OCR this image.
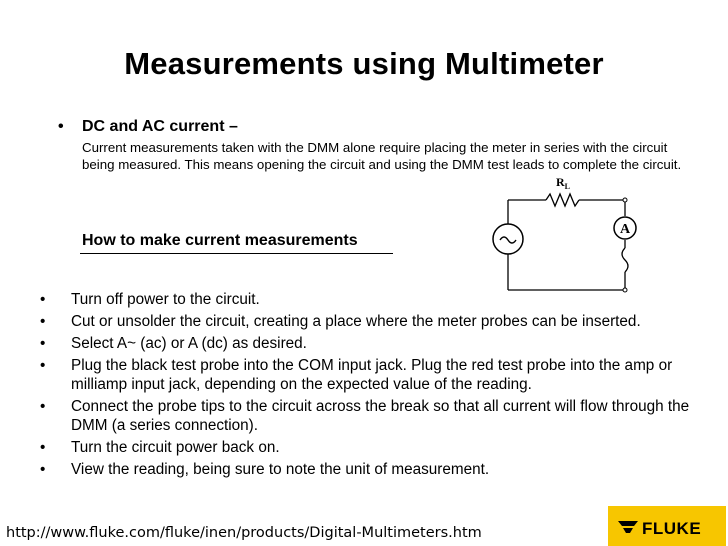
Measurements using Multimeter
• DC and AC current –
Current measurements taken with the DMM alone require placing the meter in series with the circuit being measured. This means opening the circuit and using the DMM test leads to complete the circuit.
How to make current measurements
A
$R_L$
• Turn off power to the circuit.
• Cut or unsolder the circuit, creating a place where the meter probes can be inserted.
• Select A~ (ac) or A (dc) as desired.
• Plug the black test probe into the COM input jack. Plug the red test probe into the amp or milliamp input jack, depending on the expected value of the reading.
• Connect the probe tips to the circuit across the break so that all current will flow through the DMM (a series connection).
• Turn the circuit power back on.
• View the reading, being sure to note the unit of measurement.
http://www.fluke.com/fluke/inen/products/Digital-Multimeters.htm	FLUKE
